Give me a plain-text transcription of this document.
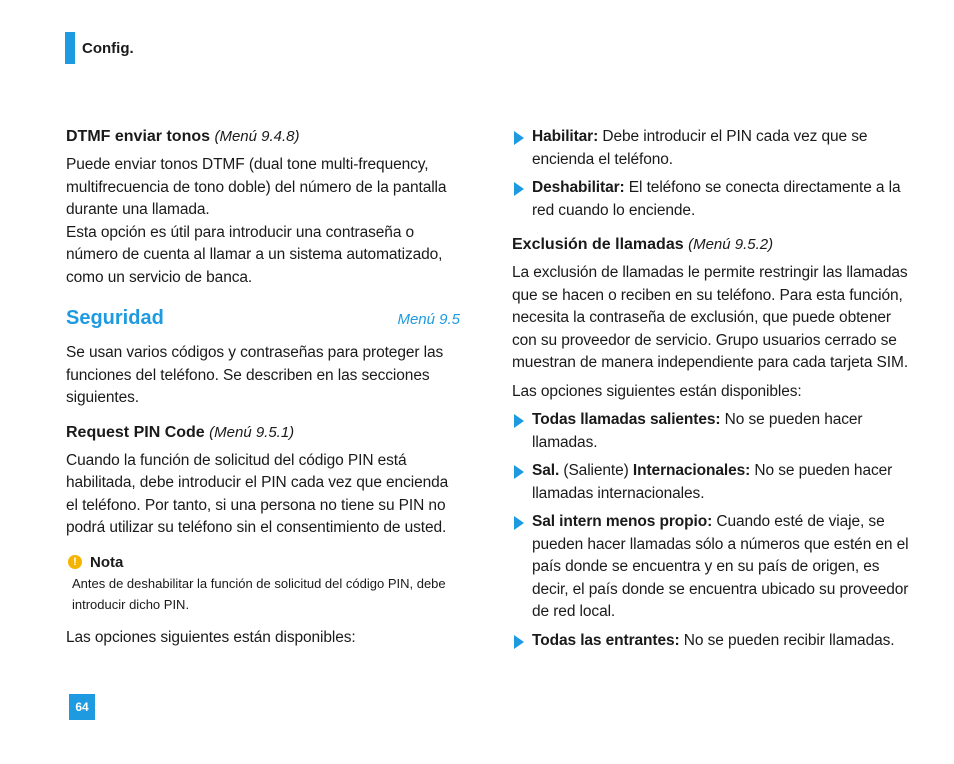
Config.
DTMF enviar tonos (Menú 9.4.8)

Puede enviar tonos DTMF (dual tone multi-frequency, multifrecuencia de tono doble) del número de la pantalla durante una llamada.

Esta opción es útil para introducir una contraseña o número de cuenta al llamar a un sistema automatizado, como un servicio de banca.

Seguridad	Menú 9.5

Se usan varios códigos y contraseñas para proteger las funciones del teléfono. Se describen en las secciones siguientes.

Request PIN Code (Menú 9.5.1)

Cuando la función de solicitud del código PIN está habilitada, debe introducir el PIN cada vez que encienda el teléfono. Por tanto, si una persona no tiene su PIN no podrá utilizar su teléfono sin el consentimiento de usted.

! Nota
Antes de deshabilitar la función de solicitud del código PIN, debe introducir dicho PIN.

Las opciones siguientes están disponibles:

Habilitar: Debe introducir el PIN cada vez que se encienda el teléfono.

Deshabilitar: El teléfono se conecta directamente a la red cuando lo enciende.

Exclusión de llamadas (Menú 9.5.2)

La exclusión de llamadas le permite restringir las llamadas que se hacen o reciben en su teléfono. Para esta función, necesita la contraseña de exclusión, que puede obtener con su proveedor de servicio. Grupo usuarios cerrado se muestran de manera independiente para cada tarjeta SIM.

Las opciones siguientes están disponibles:

Todas llamadas salientes: No se pueden hacer llamadas.

Sal. (Saliente) Internacionales: No se pueden hacer llamadas internacionales.

Sal intern menos propio: Cuando esté de viaje, se pueden hacer llamadas sólo a números que estén en el país donde se encuentra y en su país de origen, es decir, el país donde se encuentra ubicado su proveedor de red local.

Todas las entrantes: No se pueden recibir llamadas.

64
